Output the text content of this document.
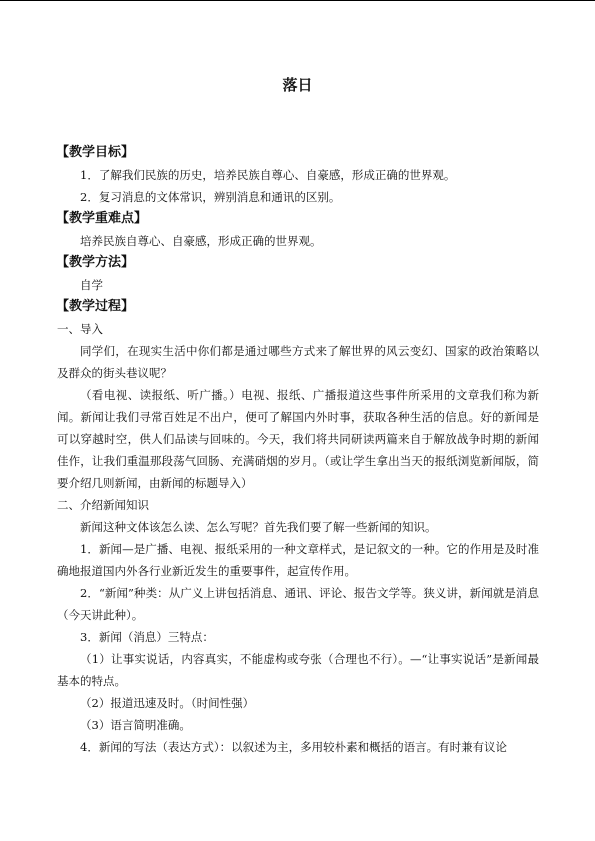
落日
【教学目标】
1．了解我们民族的历史，培养民族自尊心、自豪感，形成正确的世界观。
2．复习消息的文体常识，辨别消息和通讯的区别。
【教学重难点】
培养民族自尊心、自豪感，形成正确的世界观。
【教学方法】
自学
【教学过程】
一、导入
同学们，在现实生活中你们都是通过哪些方式来了解世界的风云变幻、国家的政治策略以及群众的街头巷议呢？
（看电视、读报纸、听广播。）电视、报纸、广播报道这些事件所采用的文章我们称为新闻。新闻让我们寻常百姓足不出户，便可了解国内外时事，获取各种生活的信息。好的新闻是可以穿越时空，供人们品读与回味的。今天，我们将共同研读两篇来自于解放战争时期的新闻佳作，让我们重温那段荡气回肠、充满硝烟的岁月。（或让学生拿出当天的报纸浏览新闻版，简要介绍几则新闻，由新闻的标题导入）
二、介绍新闻知识
新闻这种文体该怎么读、怎么写呢？首先我们要了解一些新闻的知识。
1．新闻—是广播、电视、报纸采用的一种文章样式，是记叙文的一种。它的作用是及时准确地报道国内外各行业新近发生的重要事件，起宣传作用。
2．“新闻”种类：从广义上讲包括消息、通讯、评论、报告文学等。狭义讲，新闻就是消息（今天讲此种）。
3．新闻（消息）三特点：
（1）让事实说话，内容真实，不能虚构或夸张（合理也不行）。—“让事实说话”是新闻最基本的特点。
（2）报道迅速及时。（时间性强）
（3）语言简明准确。
4．新闻的写法（表达方式）：以叙述为主，多用较朴素和概括的语言。有时兼有议论
